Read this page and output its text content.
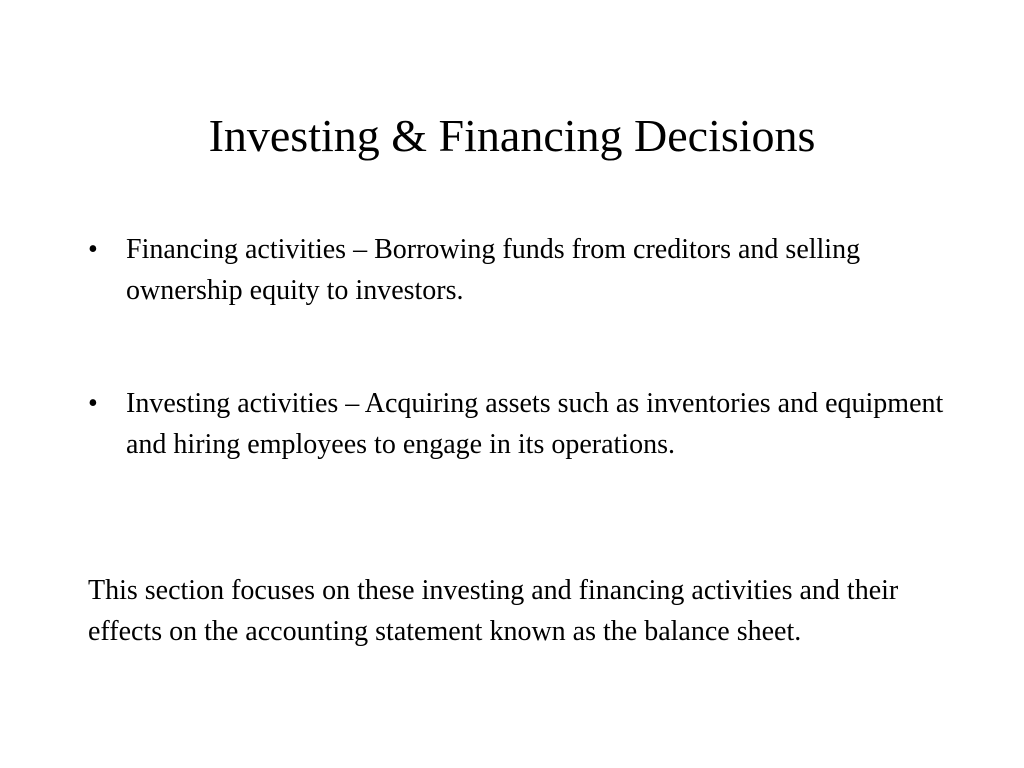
Investing & Financing Decisions
•	Financing activities – Borrowing funds from creditors and selling ownership equity to investors.
•	Investing activities – Acquiring assets such as inventories and equipment and hiring employees to engage in its operations.

This section focuses on these investing and financing activities and their effects on the accounting statement known as the balance sheet.
